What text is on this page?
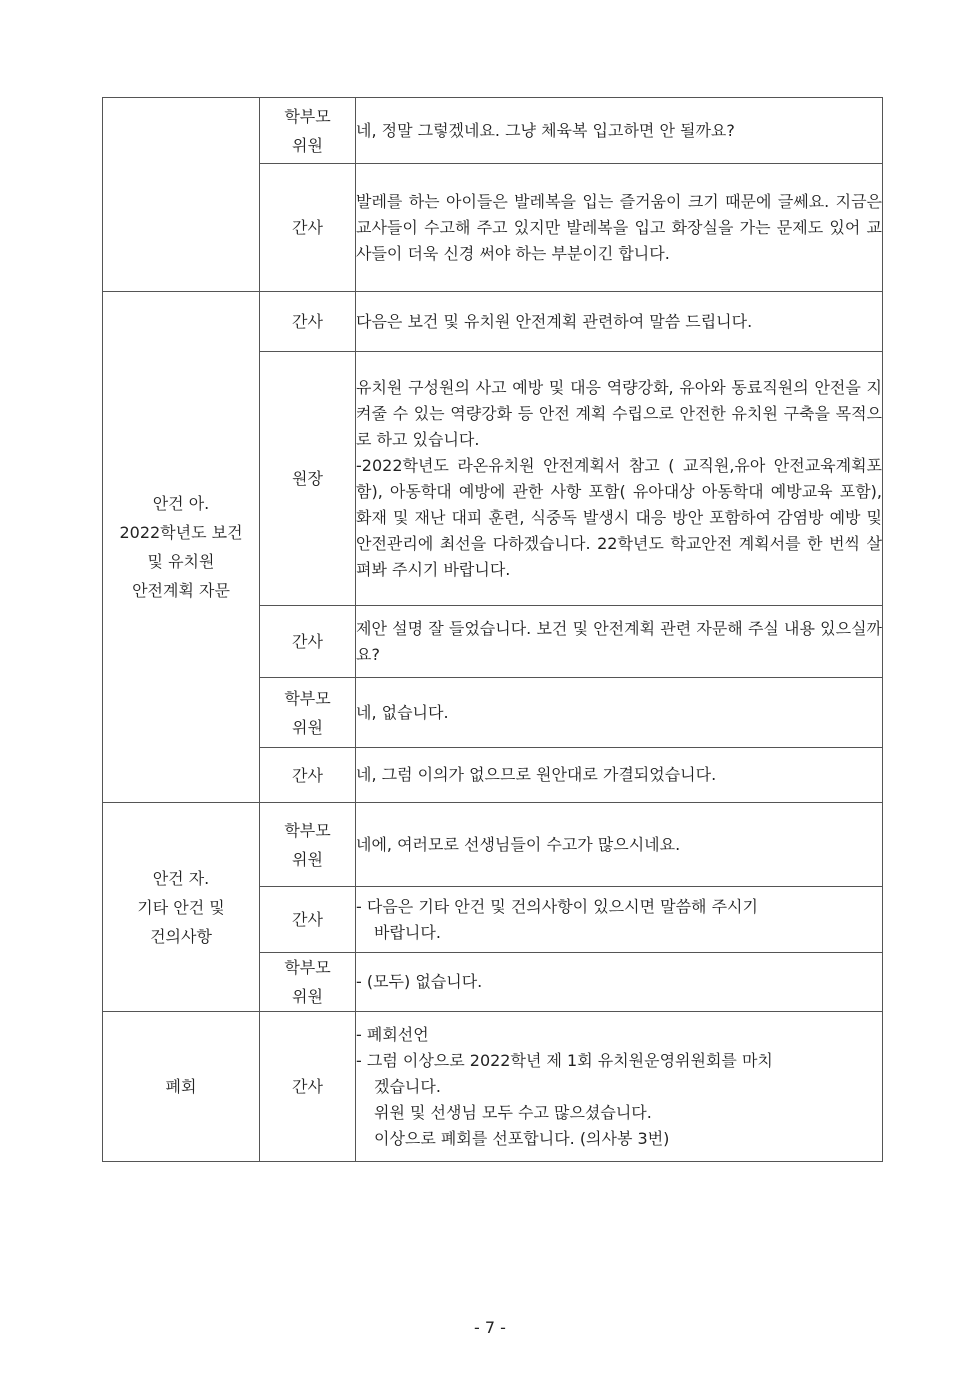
	학부모
위원	네, 정말 그렇겠네요. 그냥 체육복 입고하면 안 될까요?

	간사	발레를 하는 아이들은 발레복을 입는 즐거움이 크기 때문에 글쎄요. 지금은 교사들이 수고해 주고 있지만 발레복을 입고 화장실을 가는 문제도 있어 교사들이 더욱 신경 써야 하는 부분이긴 합니다.

안건 아.
2022학년도 보건
및 유치원
안전계획 자문	간사	다음은 보건 및 유치원 안전계획 관련하여 말씀 드립니다.

	원장	유치원 구성원의 사고 예방 및 대응 역량강화, 유아와 동료직원의 안전을 지켜줄 수 있는 역량강화 등 안전 계획 수립으로 안전한 유치원 구축을 목적으로 하고 있습니다.
-2022학년도 라온유치원 안전계획서 참고 ( 교직원,유아 안전교육계획포함), 아동학대 예방에 관한 사항 포함( 유아대상 아동학대 예방교육 포함), 화재 및 재난 대피 훈련, 식중독 발생시 대응 방안 포함하여 감염방 예방 및 안전관리에 최선을 다하겠습니다. 22학년도 학교안전 계획서를 한 번씩 살펴봐 주시기 바랍니다.

	간사	제안 설명 잘 들었습니다. 보건 및 안전계획 관련 자문해 주실 내용 있으실까요?

	학부모
위원	네, 없습니다.

	간사	네, 그럼 이의가 없으므로 원안대로 가결되었습니다.

안건 자.
기타 안건 및
건의사항	학부모
위원	네에, 여러모로 선생님들이 수고가 많으시네요.

	간사	- 다음은 기타 안건 및 건의사항이 있으시면 말씀해 주시기
바랍니다.

	학부모
위원	- (모두) 없습니다.

폐회	간사	- 폐회선언
- 그럼 이상으로 2022학년 제 1회 유치원운영위원회를 마치
겠습니다.
위원 및 선생님 모두 수고 많으셨습니다.
이상으로 폐회를 선포합니다. (의사봉 3번)
- 7 -
